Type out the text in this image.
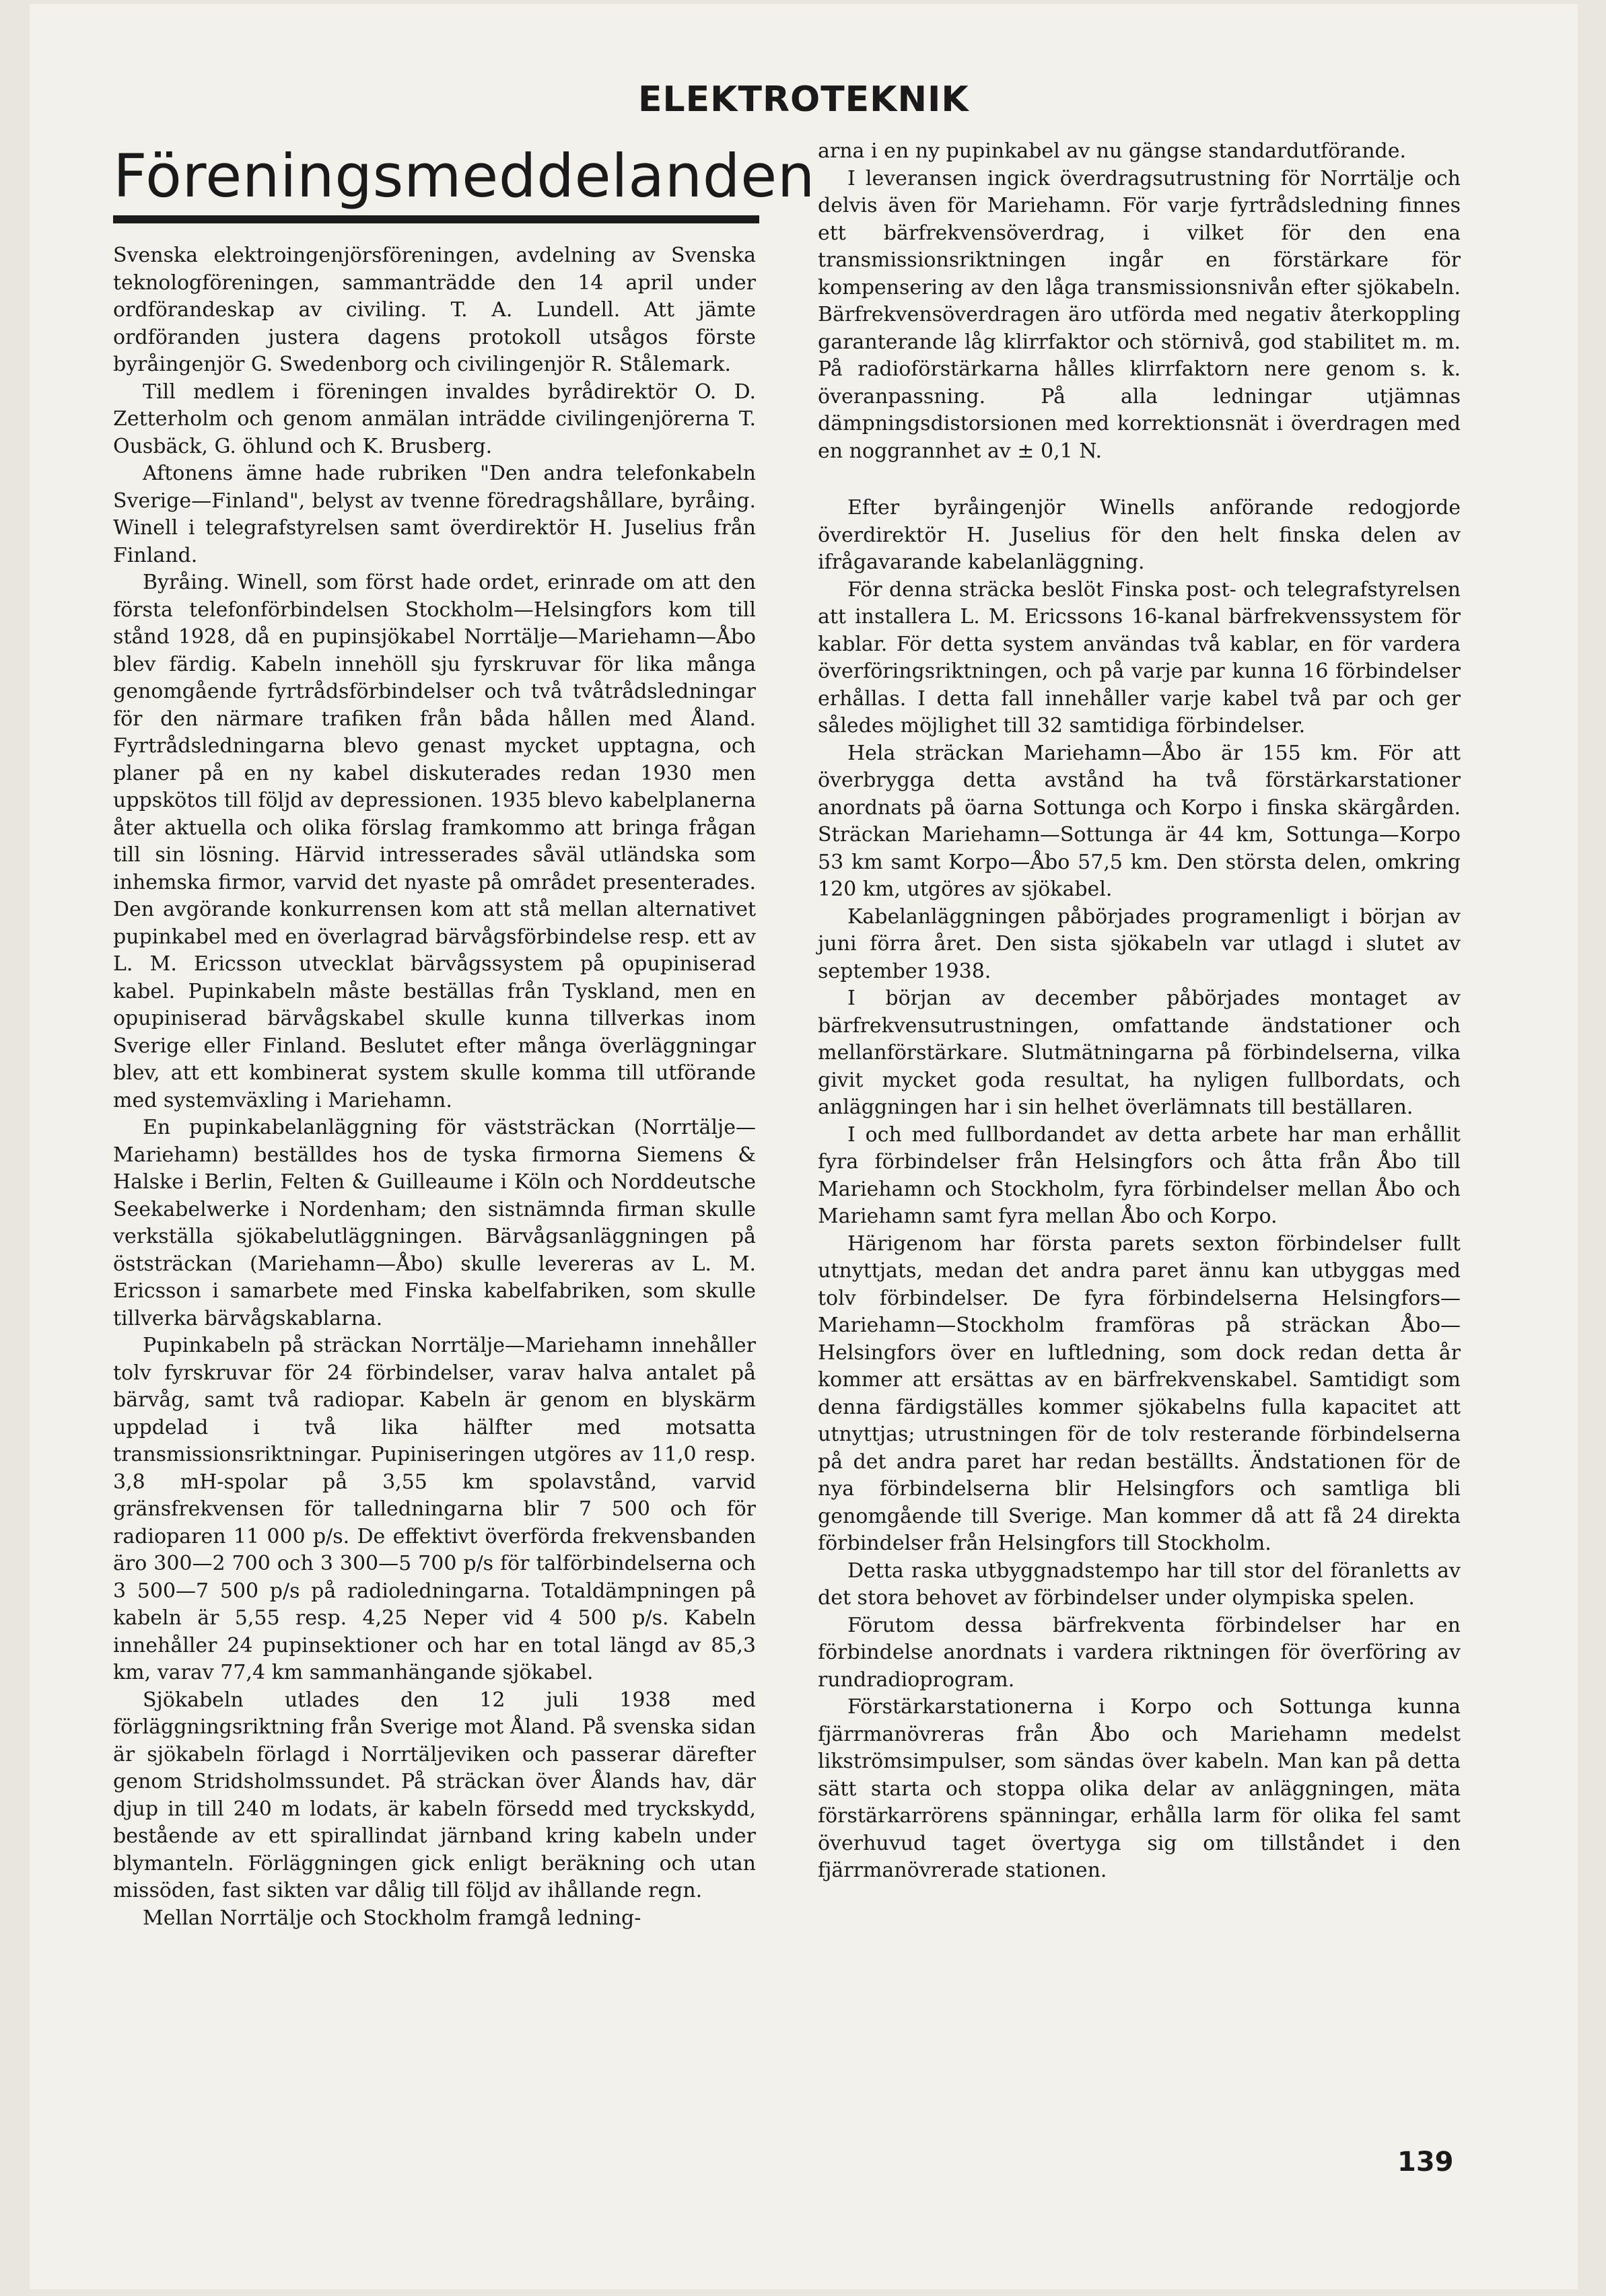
ELEKTROTEKNIK
Föreningsmeddelanden

Svenska elektroingenjörsföreningen, avdelning av Svenska teknologföreningen, sammanträdde den 14 april under ordförandeskap av civiling. T. A. Lundell. Att jämte ordföranden justera dagens protokoll utsågos förste byråingenjör G. Swedenborg och civilingenjör R. Stålemark.

Till medlem i föreningen invaldes byrådirektör O. D. Zetterholm och genom anmälan inträdde civilingenjörerna T. Ousbäck, G. öhlund och K. Brusberg.

Aftonens ämne hade rubriken "Den andra telefonkabeln Sverige—Finland", belyst av tvenne föredragshållare, byråing. Winell i telegrafstyrelsen samt överdirektör H. Juselius från Finland.

Byråing. Winell, som först hade ordet, erinrade om att den första telefonförbindelsen Stockholm—Helsingfors kom till stånd 1928, då en pupinsjökabel Norrtälje—Mariehamn—Åbo blev färdig. Kabeln innehöll sju fyrskruvar för lika många genomgående fyrtrådsförbindelser och två tvåtrådsledningar för den närmare trafiken från båda hållen med Åland. Fyrtrådsledningarna blevo genast mycket upptagna, och planer på en ny kabel diskuterades redan 1930 men uppskötos till följd av depressionen. 1935 blevo kabelplanerna åter aktuella och olika förslag framkommo att bringa frågan till sin lösning. Härvid intresserades såväl utländska som inhemska firmor, varvid det nyaste på området presenterades. Den avgörande konkurrensen kom att stå mellan alternativet pupinkabel med en överlagrad bärvågsförbindelse resp. ett av L. M. Ericsson utvecklat bärvågssystem på opupiniserad kabel. Pupinkabeln måste beställas från Tyskland, men en opupiniserad bärvågskabel skulle kunna tillverkas inom Sverige eller Finland. Beslutet efter många överläggningar blev, att ett kombinerat system skulle komma till utförande med systemväxling i Mariehamn.

En pupinkabelanläggning för väststräckan (Norrtälje—Mariehamn) beställdes hos de tyska firmorna Siemens & Halske i Berlin, Felten & Guilleaume i Köln och Norddeutsche Seekabelwerke i Nordenham; den sistnämnda firman skulle verkställa sjökabelutläggningen. Bärvågsanläggningen på öststräckan (Mariehamn—Åbo) skulle levereras av L. M. Ericsson i samarbete med Finska kabelfabriken, som skulle tillverka bärvågskablarna.

Pupinkabeln på sträckan Norrtälje—Mariehamn innehåller tolv fyrskruvar för 24 förbindelser, varav halva antalet på bärvåg, samt två radiopar. Kabeln är genom en blyskärm uppdelad i två lika hälfter med motsatta transmissionsriktningar. Pupiniseringen utgöres av 11,0 resp. 3,8 mH-spolar på 3,55 km spolavstånd, varvid gränsfrekvensen för talledningarna blir 7 500 och för radioparen 11 000 p/s. De effektivt överförda frekvensbanden äro 300—2 700 och 3 300—5 700 p/s för talförbindelserna och 3 500—7 500 p/s på radioledningarna. Totaldämpningen på kabeln är 5,55 resp. 4,25 Neper vid 4 500 p/s. Kabeln innehåller 24 pupinsektioner och har en total längd av 85,3 km, varav 77,4 km sammanhängande sjökabel.

Sjökabeln utlades den 12 juli 1938 med förläggningsriktning från Sverige mot Åland. På svenska sidan är sjökabeln förlagd i Norrtäljeviken och passerar därefter genom Stridsholmssundet. På sträckan över Ålands hav, där djup in till 240 m lodats, är kabeln försedd med tryckskydd, bestående av ett spirallindat järnband kring kabeln under blymanteln. Förläggningen gick enligt beräkning och utan missöden, fast sikten var dålig till följd av ihållande regn.

Mellan Norrtälje och Stockholm framgå ledning-

arna i en ny pupinkabel av nu gängse standardutförande.

I leveransen ingick överdragsutrustning för Norrtälje och delvis även för Mariehamn. För varje fyrtrådsledning finnes ett bärfrekvensöverdrag, i vilket för den ena transmissionsriktningen ingår en förstärkare för kompensering av den låga transmissionsnivån efter sjökabeln. Bärfrekvensöverdragen äro utförda med negativ återkoppling garanterande låg klirrfaktor och störnivå, god stabilitet m. m. På radioförstärkarna hålles klirrfaktorn nere genom s. k. överanpassning. På alla ledningar utjämnas dämpningsdistorsionen med korrektionsnät i överdragen med en noggrannhet av ± 0,1 N.

Efter byråingenjör Winells anförande redogjorde överdirektör H. Juselius för den helt finska delen av ifrågavarande kabelanläggning.

För denna sträcka beslöt Finska post- och telegrafstyrelsen att installera L. M. Ericssons 16-kanal bärfrekvenssystem för kablar. För detta system användas två kablar, en för vardera överföringsriktningen, och på varje par kunna 16 förbindelser erhållas. I detta fall innehåller varje kabel två par och ger således möjlighet till 32 samtidiga förbindelser.

Hela sträckan Mariehamn—Åbo är 155 km. För att överbrygga detta avstånd ha två förstärkarstationer anordnats på öarna Sottunga och Korpo i finska skärgården. Sträckan Mariehamn—Sottunga är 44 km, Sottunga—Korpo 53 km samt Korpo—Åbo 57,5 km. Den största delen, omkring 120 km, utgöres av sjökabel.

Kabelanläggningen påbörjades programenligt i början av juni förra året. Den sista sjökabeln var utlagd i slutet av september 1938.

I början av december påbörjades montaget av bärfrekvensutrustningen, omfattande ändstationer och mellanförstärkare. Slutmätningarna på förbindelserna, vilka givit mycket goda resultat, ha nyligen fullbordats, och anläggningen har i sin helhet överlämnats till beställaren.

I och med fullbordandet av detta arbete har man erhållit fyra förbindelser från Helsingfors och åtta från Åbo till Mariehamn och Stockholm, fyra förbindelser mellan Åbo och Mariehamn samt fyra mellan Åbo och Korpo.

Härigenom har första parets sexton förbindelser fullt utnyttjats, medan det andra paret ännu kan utbyggas med tolv förbindelser. De fyra förbindelserna Helsingfors—Mariehamn—Stockholm framföras på sträckan Åbo—Helsingfors över en luftledning, som dock redan detta år kommer att ersättas av en bärfrekvenskabel. Samtidigt som denna färdigställes kommer sjökabelns fulla kapacitet att utnyttjas; utrustningen för de tolv resterande förbindelserna på det andra paret har redan beställts. Ändstationen för de nya förbindelserna blir Helsingfors och samtliga bli genomgående till Sverige. Man kommer då att få 24 direkta förbindelser från Helsingfors till Stockholm.

Detta raska utbyggnadstempo har till stor del föranletts av det stora behovet av förbindelser under olympiska spelen.

Förutom dessa bärfrekventa förbindelser har en förbindelse anordnats i vardera riktningen för överföring av rundradioprogram.

Förstärkarstationerna i Korpo och Sottunga kunna fjärrmanövreras från Åbo och Mariehamn medelst likströmsimpulser, som sändas över kabeln. Man kan på detta sätt starta och stoppa olika delar av anläggningen, mäta förstärkarrörens spänningar, erhålla larm för olika fel samt överhuvud taget övertyga sig om tillståndet i den fjärrmanövrerade stationen.

139
